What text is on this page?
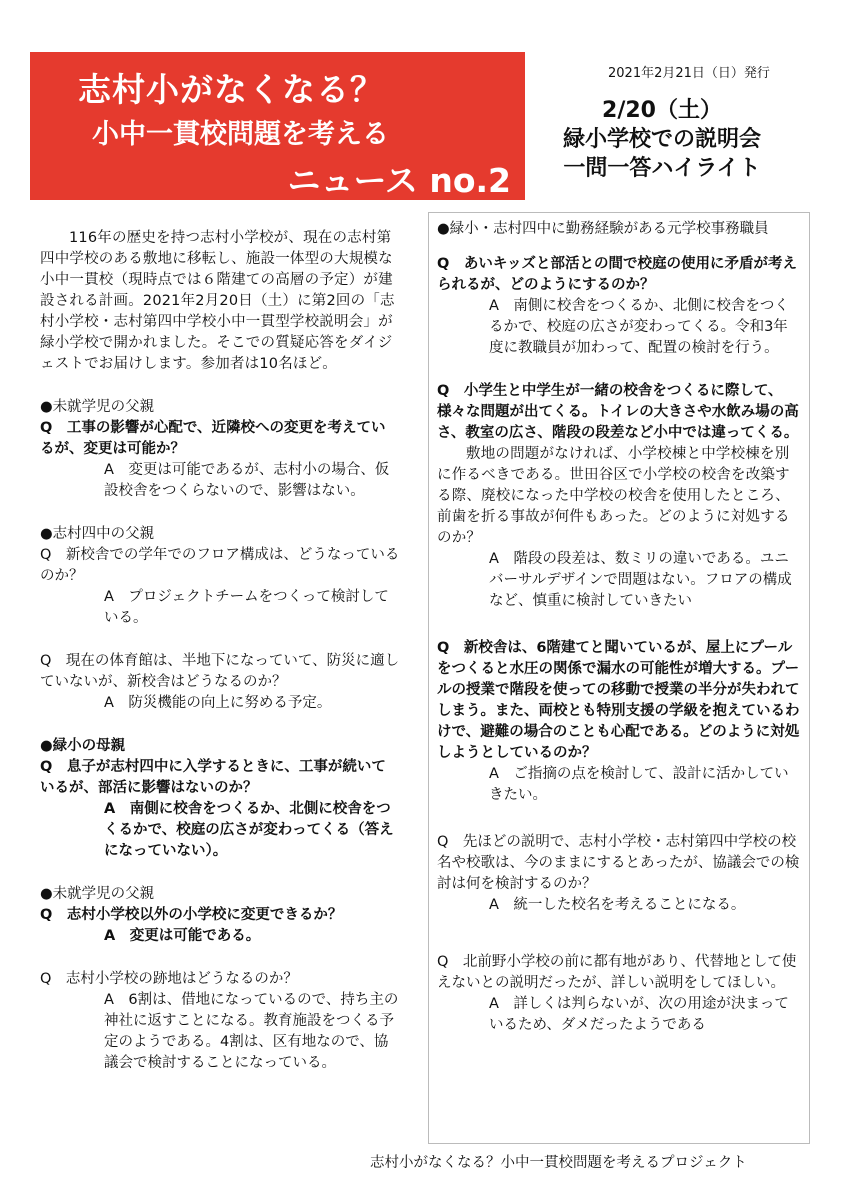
志村小がなくなる？
小中一貫校問題を考える
ニュース no.2
2021年2月21日（日）発行
2/20（土）
緑小学校での説明会
一問一答ハイライト

116年の歴史を持つ志村小学校が、現在の志村第四中学校のある敷地に移転し、施設一体型の大規模な小中一貫校（現時点では６階建ての高層の予定）が建設される計画。2021年2月20日（土）に第2回の「志村小学校・志村第四中学校小中一貫型学校説明会」が緑小学校で開かれました。そこでの質疑応答をダイジェストでお届けします。参加者は10名ほど。

●未就学児の父親

Q　工事の影響が心配で、近隣校への変更を考えているが、変更は可能か？

A　変更は可能であるが、志村小の場合、仮設校舎をつくらないので、影響はない。

●志村四中の父親

Q　新校舎での学年でのフロア構成は、どうなっているのか？

A　プロジェクトチームをつくって検討している。

Q　現在の体育館は、半地下になっていて、防災に適していないが、新校舎はどうなるのか？

A　防災機能の向上に努める予定。

●緑小の母親

Q　息子が志村四中に入学するときに、工事が続いているが、部活に影響はないのか？

A　南側に校舎をつくるか、北側に校舎をつくるかで、校庭の広さが変わってくる（答えになっていない）。

●未就学児の父親

Q　志村小学校以外の小学校に変更できるか？

A　変更は可能である。

Q　志村小学校の跡地はどうなるのか？

A　6割は、借地になっているので、持ち主の神社に返すことになる。教育施設をつくる予定のようである。4割は、区有地なので、協議会で検討することになっている。

●緑小・志村四中に勤務経験がある元学校事務職員

Q　あいキッズと部活との間で校庭の使用に矛盾が考えられるが、どのようにするのか？

A　南側に校舎をつくるか、北側に校舎をつくるかで、校庭の広さが変わってくる。令和3年度に教職員が加わって、配置の検討を行う。

Q　小学生と中学生が一緒の校舎をつくるに際して、様々な問題が出てくる。トイレの大きさや水飲み場の高さ、教室の広さ、階段の段差など小中では違ってくる。

敷地の問題がなければ、小学校棟と中学校棟を別に作るべきである。世田谷区で小学校の校舎を改築する際、廃校になった中学校の校舎を使用したところ、前歯を折る事故が何件もあった。どのように対処するのか？

A　階段の段差は、数ミリの違いである。ユニバーサルデザインで問題はない。フロアの構成など、慎重に検討していきたい

Q　新校舎は、6階建てと聞いているが、屋上にプールをつくると水圧の関係で漏水の可能性が増大する。プールの授業で階段を使っての移動で授業の半分が失われてしまう。また、両校とも特別支援の学級を抱えているわけで、避難の場合のことも心配である。どのように対処しようとしているのか？

A　ご指摘の点を検討して、設計に活かしていきたい。

Q　先ほどの説明で、志村小学校・志村第四中学校の校名や校歌は、今のままにするとあったが、協議会での検討は何を検討するのか？

A　統一した校名を考えることになる。

Q　北前野小学校の前に都有地があり、代替地として使えないとの説明だったが、詳しい説明をしてほしい。

A　詳しくは判らないが、次の用途が決まっているため、ダメだったようである

志村小がなくなる？小中一貫校問題を考えるプロジェクト
